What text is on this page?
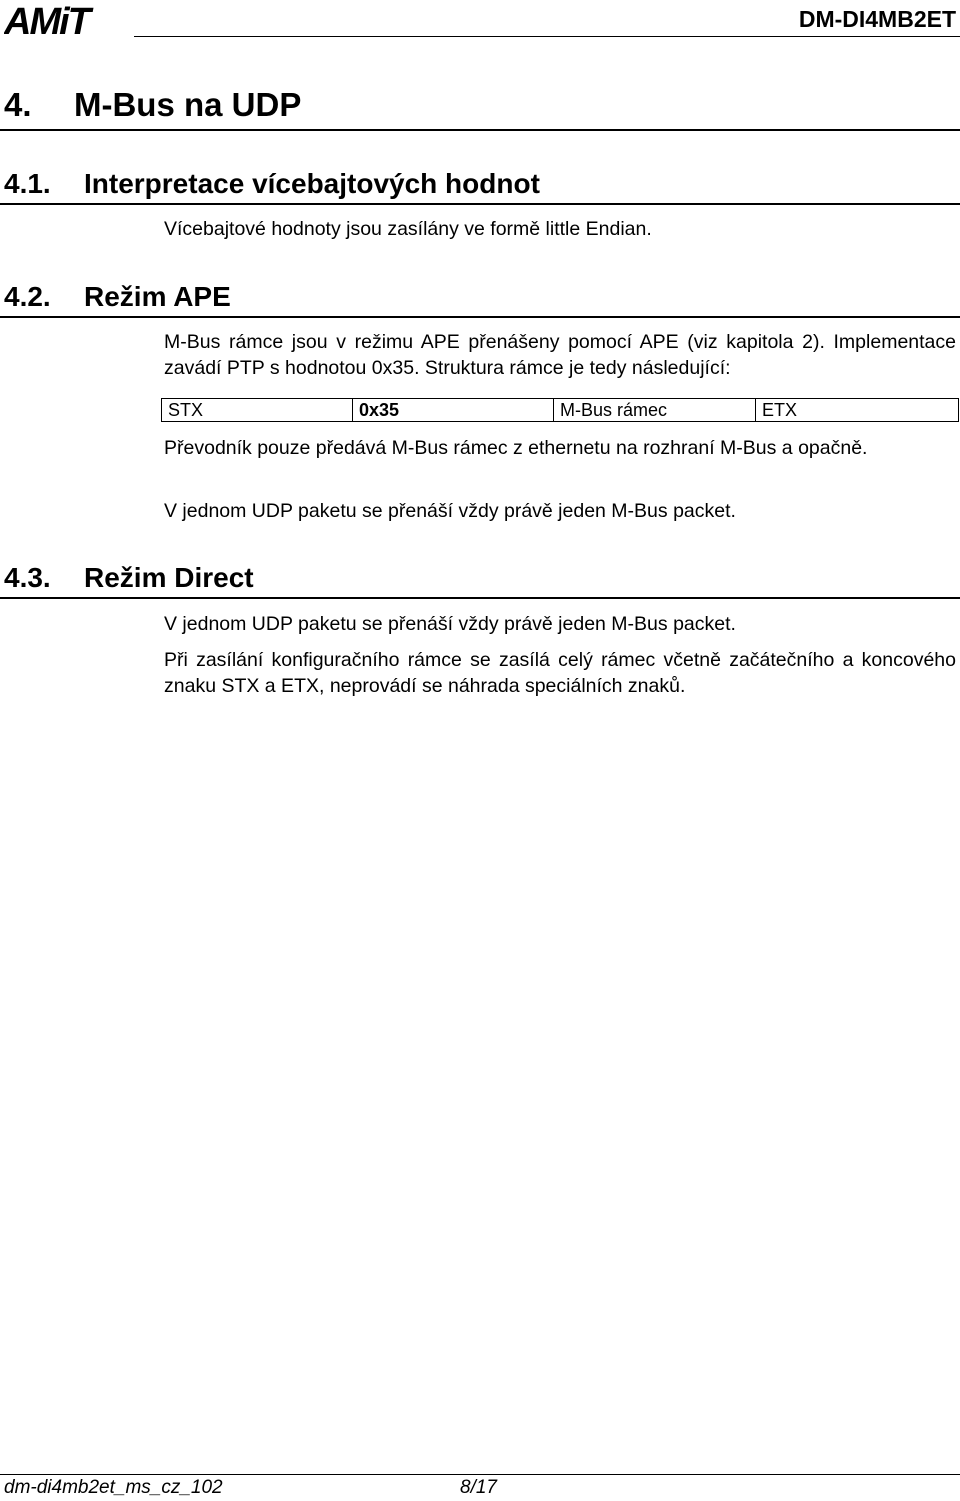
AMiT	DM-DI4MB2ET
4. M-Bus na UDP
4.1. Interpretace vícebajtových hodnot

Vícebajtové hodnoty jsou zasílány ve formě little Endian.

4.2. Režim APE

M-Bus rámce jsou v režimu APE přenášeny pomocí APE (viz kapitola 2). Implementace zavádí PTP s hodnotou 0x35. Struktura rámce je tedy následující:

STX	0x35	M-Bus rámec	ETX

Převodník pouze předává M-Bus rámec z ethernetu na rozhraní M-Bus a opačně.

V jednom UDP paketu se přenáší vždy právě jeden M-Bus packet.

4.3. Režim Direct

V jednom UDP paketu se přenáší vždy právě jeden M-Bus packet.

Při zasílání konfiguračního rámce se zasílá celý rámec včetně začátečního a koncového znaku STX a ETX, neprovádí se náhrada speciálních znaků.

dm-di4mb2et_ms_cz_102	8/17
